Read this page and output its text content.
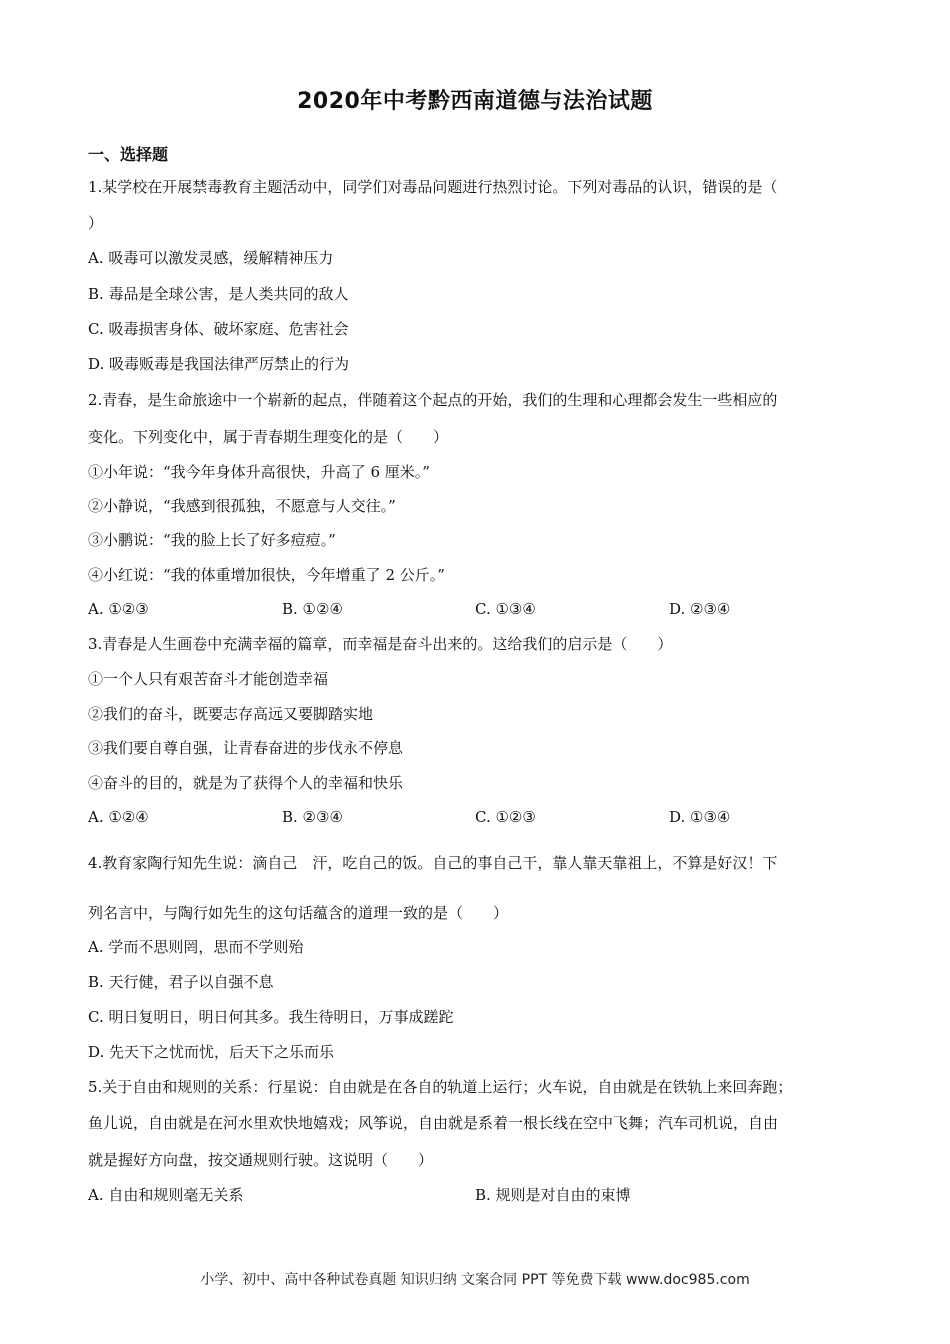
2020年中考黔西南道德与法治试题
一、选择题
1.某学校在开展禁毒教育主题活动中，同学们对毒品问题进行热烈讨论。下列对毒品的认识，错误的是（
）
A. 吸毒可以激发灵感，缓解精神压力
B. 毒品是全球公害，是人类共同的敌人
C. 吸毒损害身体、破坏家庭、危害社会
D. 吸毒贩毒是我国法律严厉禁止的行为
2.青春，是生命旅途中一个崭新的起点，伴随着这个起点的开始，我们的生理和心理都会发生一些相应的
变化。下列变化中，属于青春期生理变化的是（　　）
①小年说：“我今年身体升高很快，升高了 6 厘米。”
②小静说，“我感到很孤独，不愿意与人交往。”
③小鹏说：“我的脸上长了好多痘痘。”
④小红说：“我的体重增加很快，今年增重了 2 公斤。”
A. ①②③	B. ①②④	C. ①③④	D. ②③④
3.青春是人生画卷中充满幸福的篇章，而幸福是奋斗出来的。这给我们的启示是（　　）
①一个人只有艰苦奋斗才能创造幸福
②我们的奋斗，既要志存高远又要脚踏实地
③我们要自尊自强，让青春奋进的步伐永不停息
④奋斗的目的，就是为了获得个人的幸福和快乐
A. ①②④	B. ②③④	C. ①②③	D. ①③④
4.教育家陶行知先生说：滴自己　汗，吃自己的饭。自己的事自己干，靠人靠天靠祖上，不算是好汉！下
列名言中，与陶行如先生的这句话蕴含的道理一致的是（　　）
A. 学而不思则罔，思而不学则殆
B. 天行健，君子以自强不息
C. 明日复明日，明日何其多。我生待明日，万事成蹉跎
D. 先天下之忧而忧，后天下之乐而乐
5.关于自由和规则的关系：行星说：自由就是在各自的轨道上运行；火车说，自由就是在铁轨上来回奔跑；
鱼儿说，自由就是在河水里欢快地嬉戏；风筝说，自由就是系着一根长线在空中飞舞；汽车司机说，自由
就是握好方向盘，按交通规则行驶。这说明（　　）
A. 自由和规则毫无关系	B. 规则是对自由的束博
小学、初中、高中各种试卷真题 知识归纳 文案合同 PPT 等免费下载 www.doc985.com
